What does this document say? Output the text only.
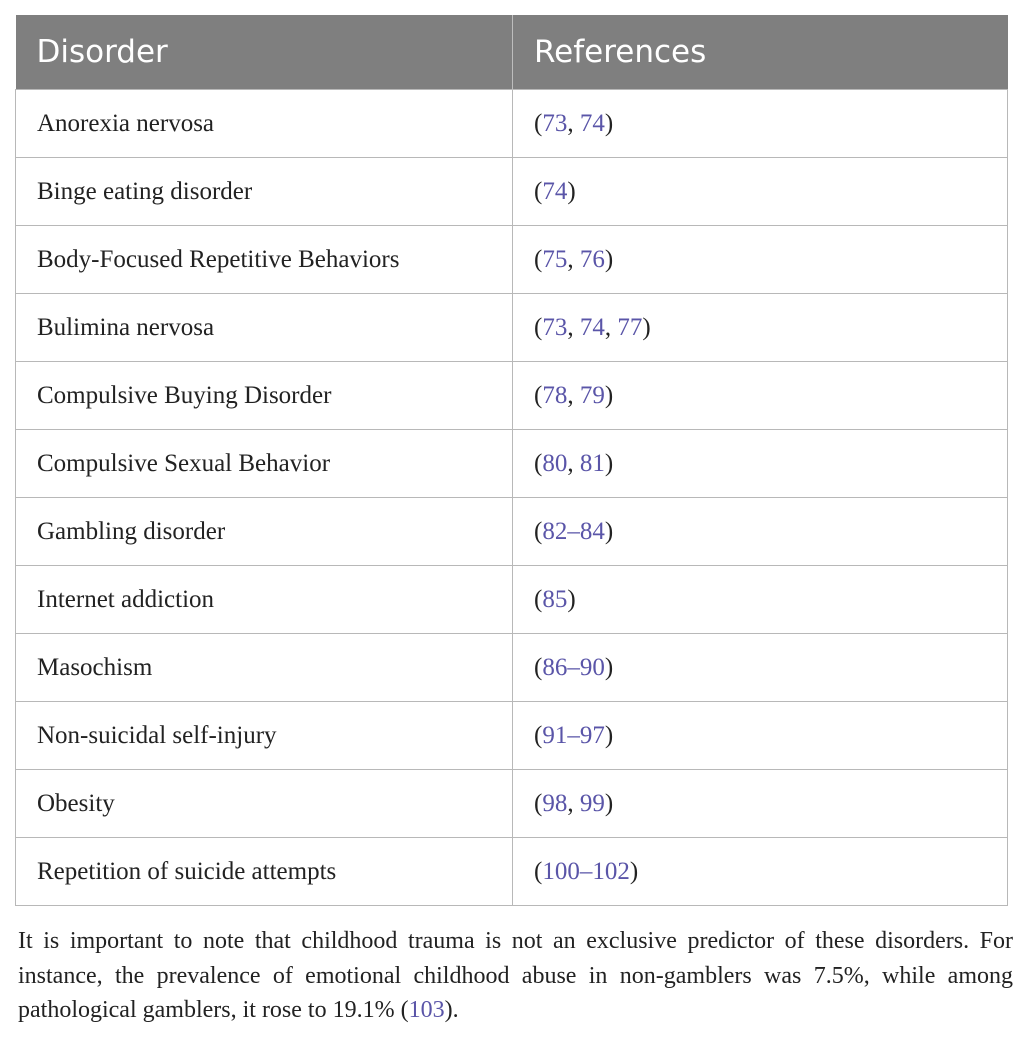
Disorder	References
Anorexia nervosa	(73, 74)
Binge eating disorder	(74)
Body-Focused Repetitive Behaviors	(75, 76)
Bulimina nervosa	(73, 74, 77)
Compulsive Buying Disorder	(78, 79)
Compulsive Sexual Behavior	(80, 81)
Gambling disorder	(82–84)
Internet addiction	(85)
Masochism	(86–90)
Non-suicidal self-injury	(91–97)
Obesity	(98, 99)
Repetition of suicide attempts	(100–102)

It is important to note that childhood trauma is not an exclusive predictor of these disorders. For instance, the prevalence of emotional childhood abuse in non-gamblers was 7.5%, while among pathological gamblers, it rose to 19.1% (103).
